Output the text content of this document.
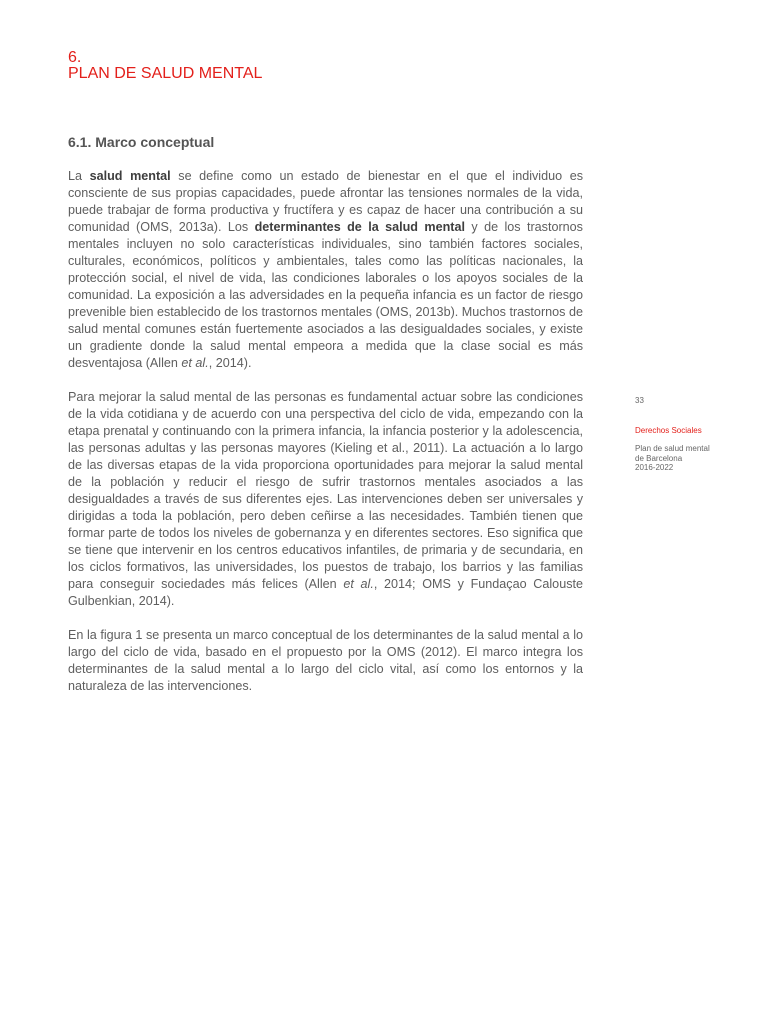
6.
PLAN DE SALUD MENTAL
6.1. Marco conceptual

La salud mental se define como un estado de bienestar en el que el individuo es consciente de sus propias capacidades, puede afrontar las tensiones normales de la vida, puede trabajar de forma productiva y fructífera y es capaz de hacer una contribución a su comunidad (OMS, 2013a). Los determinantes de la salud mental y de los trastornos mentales incluyen no solo características individuales, sino también factores sociales, culturales, económicos, políticos y ambientales, tales como las políticas nacionales, la protección social, el nivel de vida, las condiciones laborales o los apoyos sociales de la comunidad. La exposición a las adversidades en la pequeña infancia es un factor de riesgo prevenible bien establecido de los trastornos mentales (OMS, 2013b). Muchos trastornos de salud mental comunes están fuertemente asociados a las desigualdades sociales, y existe un gradiente donde la salud mental empeora a medida que la clase social es más desventajosa (Allen et al., 2014).

Para mejorar la salud mental de las personas es fundamental actuar sobre las condiciones de la vida cotidiana y de acuerdo con una perspectiva del ciclo de vida, empezando con la etapa prenatal y continuando con la primera infancia, la infancia posterior y la adolescencia, las personas adultas y las personas mayores (Kieling et al., 2011). La actuación a lo largo de las diversas etapas de la vida proporciona oportunidades para mejorar la salud mental de la población y reducir el riesgo de sufrir trastornos mentales asociados a las desigualdades a través de sus diferentes ejes. Las intervenciones deben ser universales y dirigidas a toda la población, pero deben ceñirse a las necesidades. También tienen que formar parte de todos los niveles de gobernanza y en diferentes sectores. Eso significa que se tiene que intervenir en los centros educativos infantiles, de primaria y de secundaria, en los ciclos formativos, las universidades, los puestos de trabajo, los barrios y las familias para conseguir sociedades más felices (Allen et al., 2014; OMS y Fundaçao Calouste Gulbenkian, 2014).

En la figura 1 se presenta un marco conceptual de los determinantes de la salud mental a lo largo del ciclo de vida, basado en el propuesto por la OMS (2012). El marco integra los determinantes de la salud mental a lo largo del ciclo vital, así como los entornos y la naturaleza de las intervenciones.

33
Derechos Sociales
Plan de salud mental
de Barcelona
2016-2022
